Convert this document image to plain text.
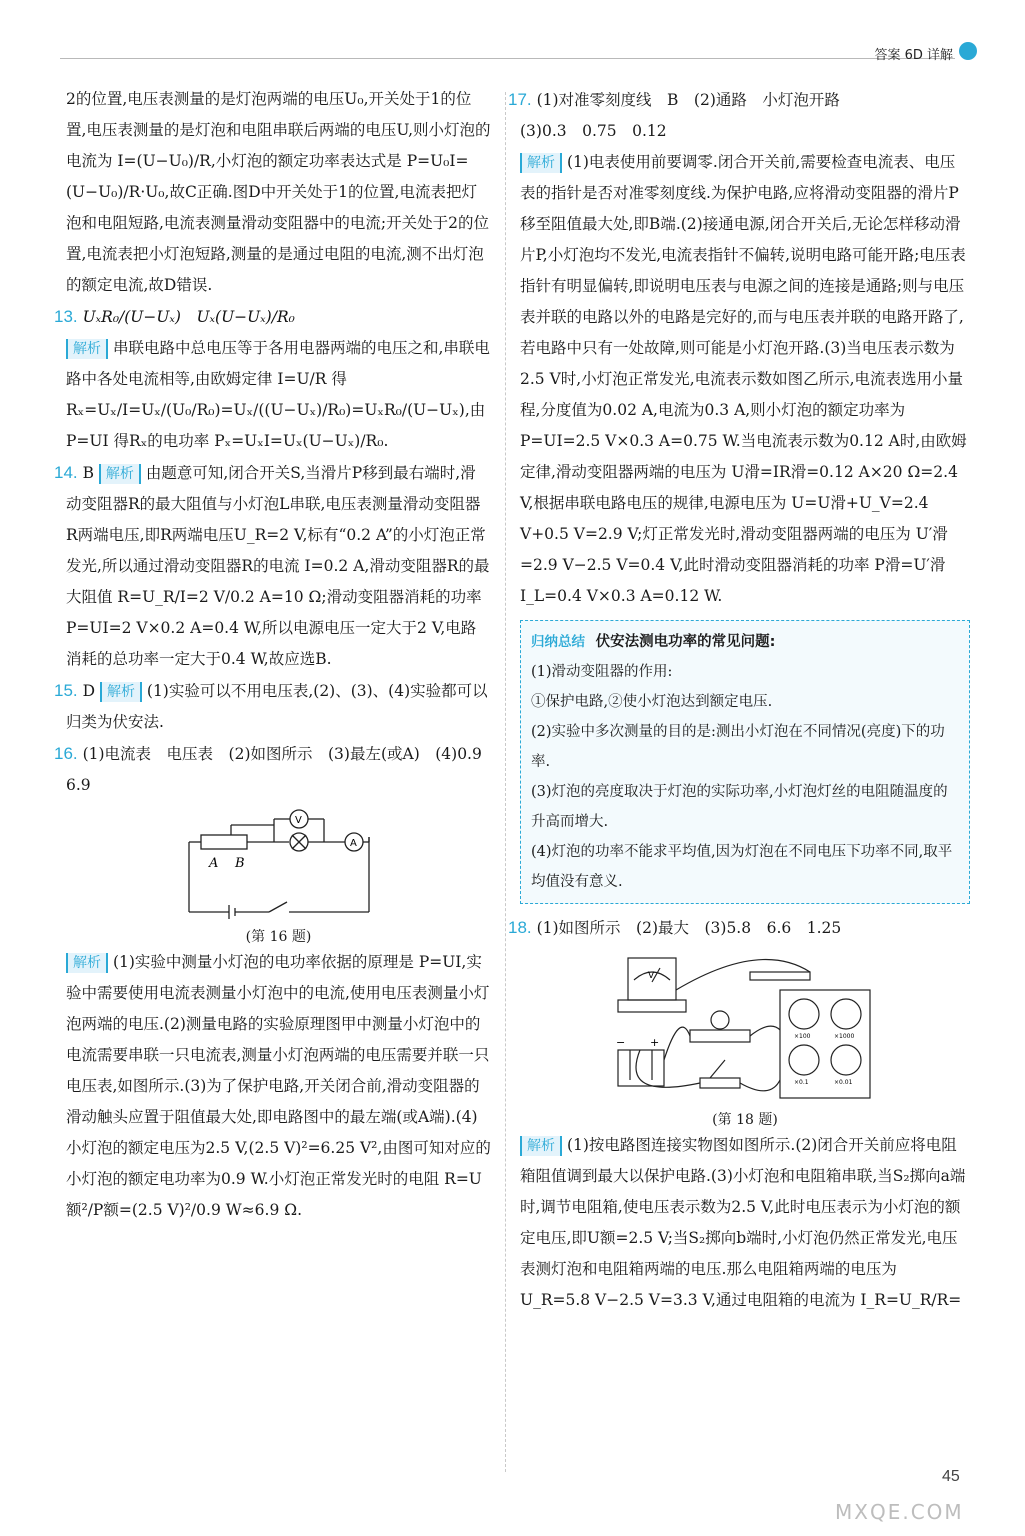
答案 6D 详解

2的位置,电压表测量的是灯泡两端的电压U₀,开关处于1的位置,电压表测量的是灯泡和电阻串联后两端的电压U,则小灯泡的电流为 I=(U−U₀)/R,小灯泡的额定功率表达式是 P=U₀I=(U−U₀)/R·U₀,故C正确.图D中开关处于1的位置,电流表把灯泡和电阻短路,电流表测量滑动变阻器中的电流;开关处于2的位置,电流表把小灯泡短路,测量的是通过电阻的电流,测不出灯泡的额定电流,故D错误.

13. UₓR₀/(U−Uₓ)　Uₓ(U−Uₓ)/R₀

解析 串联电路中总电压等于各用电器两端的电压之和,串联电路中各处电流相等,由欧姆定律 I=U/R 得 Rₓ=Uₓ/I=Uₓ/(U₀/R₀)=Uₓ/((U−Uₓ)/R₀)=UₓR₀/(U−Uₓ),由 P=UI 得Rₓ的电功率 Pₓ=UₓI=Uₓ(U−Uₓ)/R₀.

14. B 解析 由题意可知,闭合开关S,当滑片P移到最右端时,滑动变阻器R的最大阻值与小灯泡L串联,电压表测量滑动变阻器R两端电压,即R两端电压U_R=2 V,标有“0.2 A”的小灯泡正常发光,所以通过滑动变阻器R的电流 I=0.2 A,滑动变阻器R的最大阻值 R=U_R/I=2 V/0.2 A=10 Ω;滑动变阻器消耗的功率 P=UI=2 V×0.2 A=0.4 W,所以电源电压一定大于2 V,电路消耗的总功率一定大于0.4 W,故应选B.

15. D 解析 (1)实验可以不用电压表,(2)、(3)、(4)实验都可以归类为伏安法.

16. (1)电流表　电压表　(2)如图所示　(3)最左(或A)　(4)0.9　6.9

A B
V
A
(第 16 题)

解析 (1)实验中测量小灯泡的电功率依据的原理是 P=UI,实验中需要使用电流表测量小灯泡中的电流,使用电压表测量小灯泡两端的电压.(2)测量电路的实验原理图甲中测量小灯泡中的电流需要串联一只电流表,测量小灯泡两端的电压需要并联一只电压表,如图所示.(3)为了保护电路,开关闭合前,滑动变阻器的滑动触头应置于阻值最大处,即电路图中的最左端(或A端).(4)小灯泡的额定电压为2.5 V,(2.5 V)²=6.25 V²,由图可知对应的小灯泡的额定电功率为0.9 W.小灯泡正常发光时的电阻 R=U额²/P额=(2.5 V)²/0.9 W≈6.9 Ω.

17. (1)对准零刻度线　B　(2)通路　小灯泡开路

(3)0.3　0.75　0.12

解析 (1)电表使用前要调零.闭合开关前,需要检查电流表、电压表的指针是否对准零刻度线.为保护电路,应将滑动变阻器的滑片P移至阻值最大处,即B端.(2)接通电源,闭合开关后,无论怎样移动滑片P,小灯泡均不发光,电流表指针不偏转,说明电路可能开路;电压表指针有明显偏转,即说明电压表与电源之间的连接是通路;则与电压表并联的电路以外的电路是完好的,而与电压表并联的电路开路了,若电路中只有一处故障,则可能是小灯泡开路.(3)当电压表示数为2.5 V时,小灯泡正常发光,电流表示数如图乙所示,电流表选用小量程,分度值为0.02 A,电流为0.3 A,则小灯泡的额定功率为 P=UI=2.5 V×0.3 A=0.75 W.当电流表示数为0.12 A时,由欧姆定律,滑动变阻器两端的电压为 U滑=IR滑=0.12 A×20 Ω=2.4 V,根据串联电路电压的规律,电源电压为 U=U滑+U_V=2.4 V+0.5 V=2.9 V;灯正常发光时,滑动变阻器两端的电压为 U′滑=2.9 V−2.5 V=0.4 V,此时滑动变阻器消耗的功率 P滑=U′滑I_L=0.4 V×0.3 A=0.12 W.

归纳总结 伏安法测电功率的常见问题:
(1)滑动变阻器的作用:
①保护电路,②使小灯泡达到额定电压.
(2)实验中多次测量的目的是:测出小灯泡在不同情况(亮度)下的功率.
(3)灯泡的亮度取决于灯泡的实际功率,小灯泡灯丝的电阻随温度的升高而增大.
(4)灯泡的功率不能求平均值,因为灯泡在不同电压下功率不同,取平均值没有意义.

18. (1)如图所示　(2)最大　(3)5.8　6.6　1.25

V
− +	×100	×1000
×0.1	×0.01
(第 18 题)

解析 (1)按电路图连接实物图如图所示.(2)闭合开关前应将电阻箱阻值调到最大以保护电路.(3)小灯泡和电阻箱串联,当S₂掷向a端时,调节电阻箱,使电压表示数为2.5 V,此时电压表示为小灯泡的额定电压,即U额=2.5 V;当S₂掷向b端时,小灯泡仍然正常发光,电压表测灯泡和电阻箱两端的电压.那么电阻箱两端的电压为 U_R=5.8 V−2.5 V=3.3 V,通过电阻箱的电流为 I_R=U_R/R=

45
MXQE.COM
